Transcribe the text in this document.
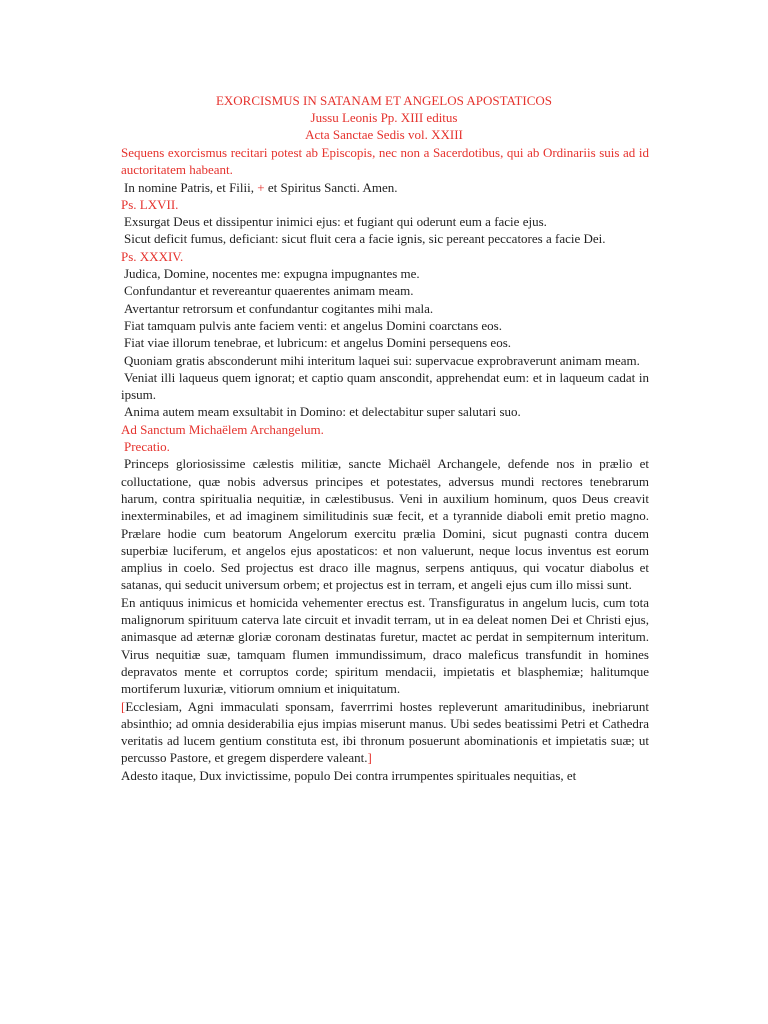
EXORCISMUS IN SATANAM ET ANGELOS APOSTATICOS
Jussu Leonis Pp. XIII editus
Acta Sanctae Sedis vol. XXIII

Sequens exorcismus recitari potest ab Episcopis, nec non a Sacerdotibus, qui ab Ordinariis suis ad id auctoritatem habeant.

In nomine Patris, et Filii, + et Spiritus Sancti. Amen.

Ps. LXVII.

Exsurgat Deus et dissipentur inimici ejus: et fugiant qui oderunt eum a facie ejus.

Sicut deficit fumus, deficiant: sicut fluit cera a facie ignis, sic pereant peccatores a facie Dei.

Ps. XXXIV.

Judica, Domine, nocentes me: expugna impugnantes me.

Confundantur et revereantur quaerentes animam meam.

Avertantur retrorsum et confundantur cogitantes mihi mala.

Fiat tamquam pulvis ante faciem venti: et angelus Domini coarctans eos.

Fiat viae illorum tenebrae, et lubricum: et angelus Domini persequens eos.

Quoniam gratis absconderunt mihi interitum laquei sui: supervacue exprobraverunt animam meam.

Veniat illi laqueus quem ignorat; et captio quam anscondit, apprehendat eum: et in laqueum cadat in ipsum.

Anima autem meam exsultabit in Domino: et delectabitur super salutari suo.

Ad Sanctum Michaëlem Archangelum.

Precatio.

Princeps gloriosissime cælestis militiæ, sancte Michaël Archangele, defende nos in prælio et colluctatione, quæ nobis adversus principes et potestates, adversus mundi rectores tenebrarum harum, contra spiritualia nequitiæ, in cælestibusus. Veni in auxilium hominum, quos Deus creavit inexterminabiles, et ad imaginem similitudinis suæ fecit, et a tyrannide diaboli emit pretio magno. Prælare hodie cum beatorum Angelorum exercitu prælia Domini, sicut pugnasti contra ducem superbiæ luciferum, et angelos ejus apostaticos: et non valuerunt, neque locus inventus est eorum amplius in coelo. Sed projectus est draco ille magnus, serpens antiquus, qui vocatur diabolus et satanas, qui seducit universum orbem; et projectus est in terram, et angeli ejus cum illo missi sunt.

En antiquus inimicus et homicida vehementer erectus est. Transfiguratus in angelum lucis, cum tota malignorum spirituum caterva late circuit et invadit terram, ut in ea deleat nomen Dei et Christi ejus, animasque ad æternæ gloriæ coronam destinatas furetur, mactet ac perdat in sempiternum interitum. Virus nequitiæ suæ, tamquam flumen immundissimum, draco maleficus transfundit in homines depravatos mente et corruptos corde; spiritum mendacii, impietatis et blasphemiæ; halitumque mortiferum luxuriæ, vitiorum omnium et iniquitatum.

[Ecclesiam, Agni immaculati sponsam, faverrrimi hostes repleverunt amaritudinibus, inebriarunt absinthio; ad omnia desiderabilia ejus impias miserunt manus. Ubi sedes beatissimi Petri et Cathedra veritatis ad lucem gentium constituta est, ibi thronum posuerunt abominationis et impietatis suæ; ut percusso Pastore, et gregem disperdere valeant.]

Adesto itaque, Dux invictissime, populo Dei contra irrumpentes spirituales nequitias, et
